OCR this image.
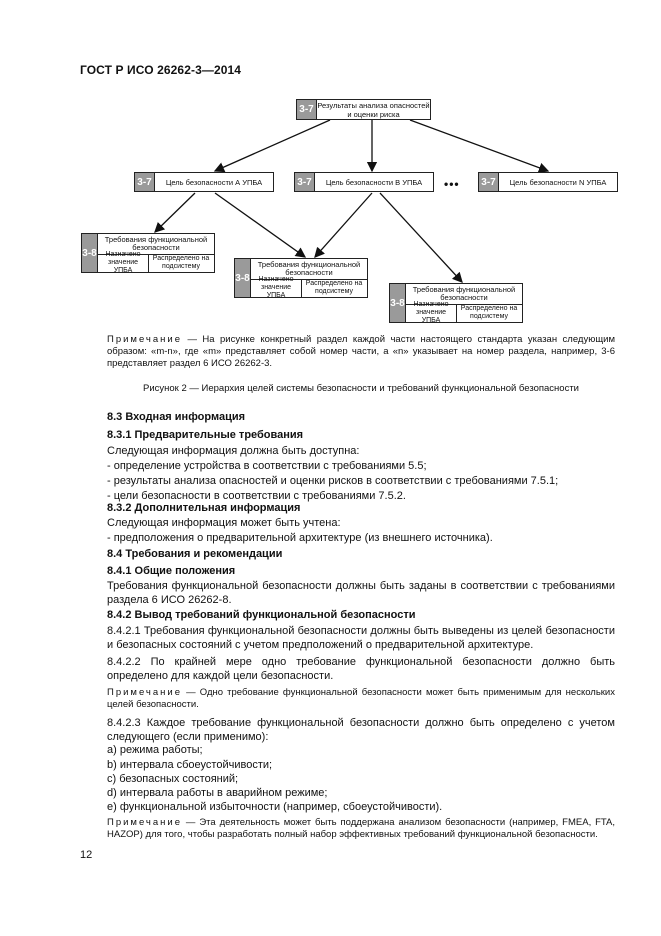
ГОСТ Р ИСО 26262-3—2014
3-7 Результаты анализа опасностей и оценки риска
3-7	Цель безопасности А УПБА	3-7	Цель безопасности В УПБА	••• 3-7	Цель безопасности N УПБА
3-8
Требования функциональной безопасности
Назначено значение УПБА
Распределено на подсистему
3-8
Требования функциональной безопасности
Назначено значение УПБА
Распределено на подсистему
3-8
Требования функциональной безопасности
Назначено значение УПБА
Распределено на подсистему
Примечание — На рисунке конкретный раздел каждой части настоящего стандарта указан следующим образом: «m-n», где «m» представляет собой номер части, а «n» указывает на номер раздела, например, 3-6 представляет раздел 6 ИСО 26262-3.
Рисунок 2 — Иерархия целей системы безопасности и требований функциональной безопасности
8.3 Входная информация
8.3.1 Предварительные требования
Следующая информация должна быть доступна:
- определение устройства в соответствии с требованиями 5.5;
- результаты анализа опасностей и оценки рисков в соответствии с требованиями 7.5.1;
- цели безопасности в соответствии с требованиями 7.5.2.
8.3.2 Дополнительная информация
Следующая информация может быть учтена:
- предположения о предварительной архитектуре (из внешнего источника).
8.4 Требования и рекомендации
8.4.1 Общие положения
Требования функциональной безопасности должны быть заданы в соответствии с требованиями раздела 6 ИСО 26262-8.
8.4.2 Вывод требований функциональной безопасности
8.4.2.1 Требования функциональной безопасности должны быть выведены из целей безопасности и безопасных состояний с учетом предположений о предварительной архитектуре.
8.4.2.2 По крайней мере одно требование функциональной безопасности должно быть определено для каждой цели безопасности.
Примечание — Одно требование функциональной безопасности может быть применимым для нескольких целей безопасности.
8.4.2.3 Каждое требование функциональной безопасности должно быть определено с учетом следующего (если применимо):
a) режима работы;
b) интервала сбоеустойчивости;
c) безопасных состояний;
d) интервала работы в аварийном режиме;
e) функциональной избыточности (например, сбоеустойчивости).
Примечание — Эта деятельность может быть поддержана анализом безопасности (например, FMEA, FTA, HAZOP) для того, чтобы разработать полный набор эффективных требований функциональной безопасности.
12
